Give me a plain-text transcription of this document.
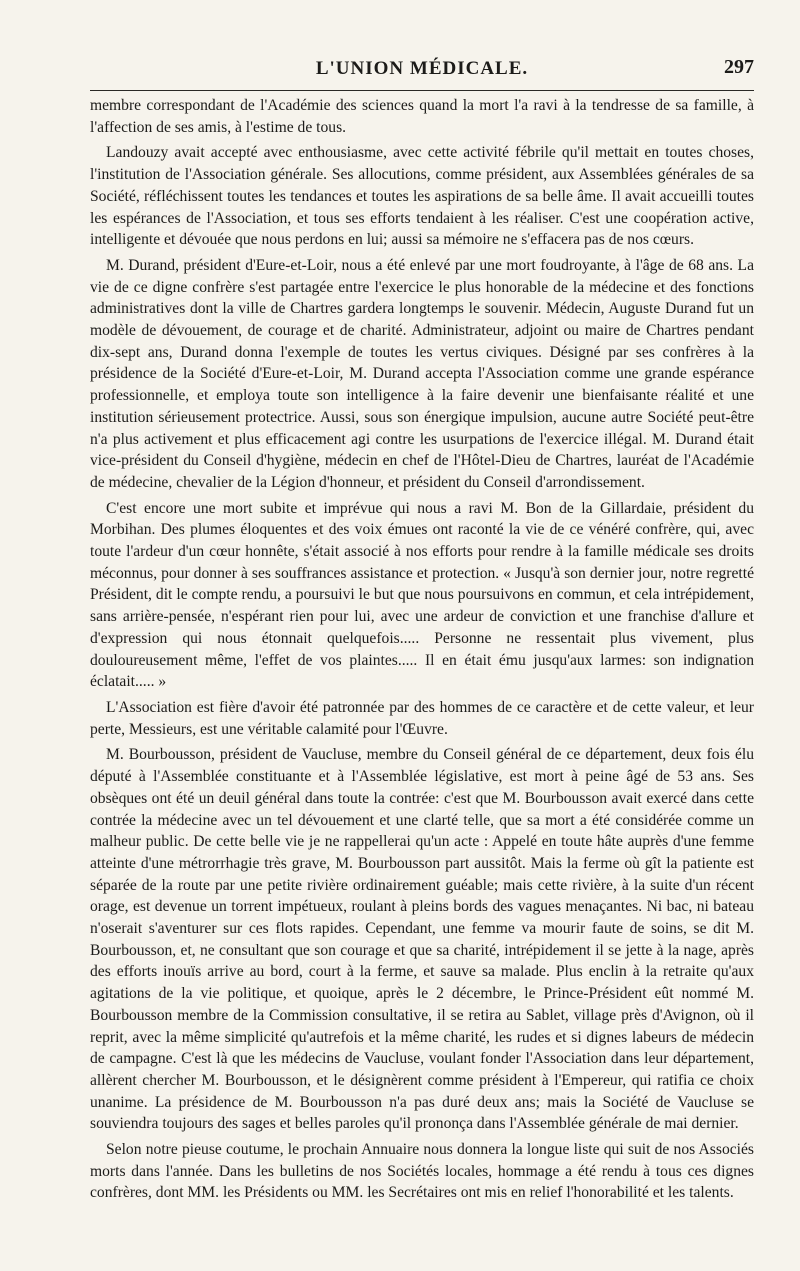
L'UNION MÉDICALE.	297

membre correspondant de l'Académie des sciences quand la mort l'a ravi à la tendresse de sa famille, à l'affection de ses amis, à l'estime de tous.

Landouzy avait accepté avec enthousiasme, avec cette activité fébrile qu'il mettait en toutes choses, l'institution de l'Association générale. Ses allocutions, comme président, aux Assemblées générales de sa Société, réfléchissent toutes les tendances et toutes les aspirations de sa belle âme. Il avait accueilli toutes les espérances de l'Association, et tous ses efforts tendaient à les réaliser. C'est une coopération active, intelligente et dévouée que nous perdons en lui; aussi sa mémoire ne s'effacera pas de nos cœurs.

M. Durand, président d'Eure-et-Loir, nous a été enlevé par une mort foudroyante, à l'âge de 68 ans. La vie de ce digne confrère s'est partagée entre l'exercice le plus honorable de la médecine et des fonctions administratives dont la ville de Chartres gardera longtemps le souvenir. Médecin, Auguste Durand fut un modèle de dévouement, de courage et de charité. Administrateur, adjoint ou maire de Chartres pendant dix-sept ans, Durand donna l'exemple de toutes les vertus civiques. Désigné par ses confrères à la présidence de la Société d'Eure-et-Loir, M. Durand accepta l'Association comme une grande espérance professionnelle, et employa toute son intelligence à la faire devenir une bienfaisante réalité et une institution sérieusement protectrice. Aussi, sous son énergique impulsion, aucune autre Société peut-être n'a plus activement et plus efficacement agi contre les usurpations de l'exercice illégal. M. Durand était vice-président du Conseil d'hygiène, médecin en chef de l'Hôtel-Dieu de Chartres, lauréat de l'Académie de médecine, chevalier de la Légion d'honneur, et président du Conseil d'arrondissement.

C'est encore une mort subite et imprévue qui nous a ravi M. Bon de la Gillardaie, président du Morbihan. Des plumes éloquentes et des voix émues ont raconté la vie de ce vénéré confrère, qui, avec toute l'ardeur d'un cœur honnête, s'était associé à nos efforts pour rendre à la famille médicale ses droits méconnus, pour donner à ses souffrances assistance et protection. « Jusqu'à son dernier jour, notre regretté Président, dit le compte rendu, a poursuivi le but que nous poursuivons en commun, et cela intrépidement, sans arrière-pensée, n'espérant rien pour lui, avec une ardeur de conviction et une franchise d'allure et d'expression qui nous étonnait quelquefois..... Personne ne ressentait plus vivement, plus douloureusement même, l'effet de vos plaintes..... Il en était ému jusqu'aux larmes: son indignation éclatait..... »

L'Association est fière d'avoir été patronnée par des hommes de ce caractère et de cette valeur, et leur perte, Messieurs, est une véritable calamité pour l'Œuvre.

M. Bourbousson, président de Vaucluse, membre du Conseil général de ce département, deux fois élu député à l'Assemblée constituante et à l'Assemblée législative, est mort à peine âgé de 53 ans. Ses obsèques ont été un deuil général dans toute la contrée: c'est que M. Bourbousson avait exercé dans cette contrée la médecine avec un tel dévouement et une clarté telle, que sa mort a été considérée comme un malheur public. De cette belle vie je ne rappellerai qu'un acte : Appelé en toute hâte auprès d'une femme atteinte d'une métrorrhagie très grave, M. Bourbousson part aussitôt. Mais la ferme où gît la patiente est séparée de la route par une petite rivière ordinairement guéable; mais cette rivière, à la suite d'un récent orage, est devenue un torrent impétueux, roulant à pleins bords des vagues menaçantes. Ni bac, ni bateau n'oserait s'aventurer sur ces flots rapides. Cependant, une femme va mourir faute de soins, se dit M. Bourbousson, et, ne consultant que son courage et que sa charité, intrépidement il se jette à la nage, après des efforts inouïs arrive au bord, court à la ferme, et sauve sa malade. Plus enclin à la retraite qu'aux agitations de la vie politique, et quoique, après le 2 décembre, le Prince-Président eût nommé M. Bourbousson membre de la Commission consultative, il se retira au Sablet, village près d'Avignon, où il reprit, avec la même simplicité qu'autrefois et la même charité, les rudes et si dignes labeurs de médecin de campagne. C'est là que les médecins de Vaucluse, voulant fonder l'Association dans leur département, allèrent chercher M. Bourbousson, et le désignèrent comme président à l'Empereur, qui ratifia ce choix unanime. La présidence de M. Bourbousson n'a pas duré deux ans; mais la Société de Vaucluse se souviendra toujours des sages et belles paroles qu'il prononça dans l'Assemblée générale de mai dernier.

Selon notre pieuse coutume, le prochain Annuaire nous donnera la longue liste qui suit de nos Associés morts dans l'année. Dans les bulletins de nos Sociétés locales, hommage a été rendu à tous ces dignes confrères, dont MM. les Présidents ou MM. les Secrétaires ont mis en relief l'honorabilité et les talents.
